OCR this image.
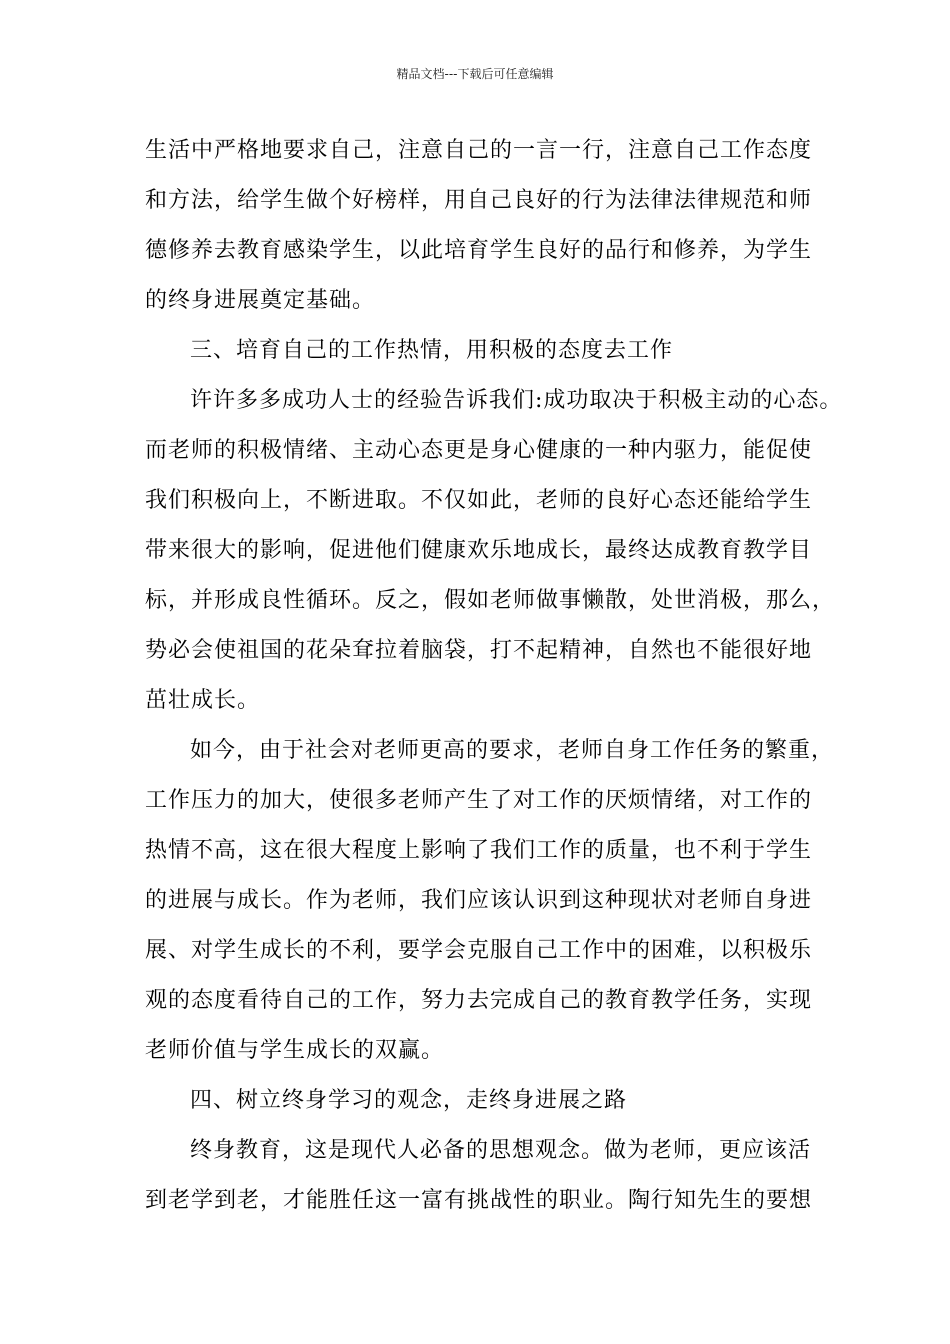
精品文档---下载后可任意编辑
生活中严格地要求自己，注意自己的一言一行，注意自己工作态度
和方法，给学生做个好榜样，用自己良好的行为法律法律规范和师
德修养去教育感染学生，以此培育学生良好的品行和修养，为学生
的终身进展奠定基础。
三、培育自己的工作热情，用积极的态度去工作
许许多多成功人士的经验告诉我们:成功取决于积极主动的心态。
而老师的积极情绪、主动心态更是身心健康的一种内驱力，能促使
我们积极向上，不断进取。不仅如此，老师的良好心态还能给学生
带来很大的影响，促进他们健康欢乐地成长，最终达成教育教学目
标，并形成良性循环。反之，假如老师做事懒散，处世消极，那么，
势必会使祖国的花朵耷拉着脑袋，打不起精神，自然也不能很好地
茁壮成长。
如今，由于社会对老师更高的要求，老师自身工作任务的繁重，
工作压力的加大，使很多老师产生了对工作的厌烦情绪，对工作的
热情不高，这在很大程度上影响了我们工作的质量，也不利于学生
的进展与成长。作为老师，我们应该认识到这种现状对老师自身进
展、对学生成长的不利，要学会克服自己工作中的困难，以积极乐
观的态度看待自己的工作，努力去完成自己的教育教学任务，实现
老师价值与学生成长的双赢。
四、树立终身学习的观念，走终身进展之路
终身教育，这是现代人必备的思想观念。做为老师，更应该活
到老学到老，才能胜任这一富有挑战性的职业。陶行知先生的要想
